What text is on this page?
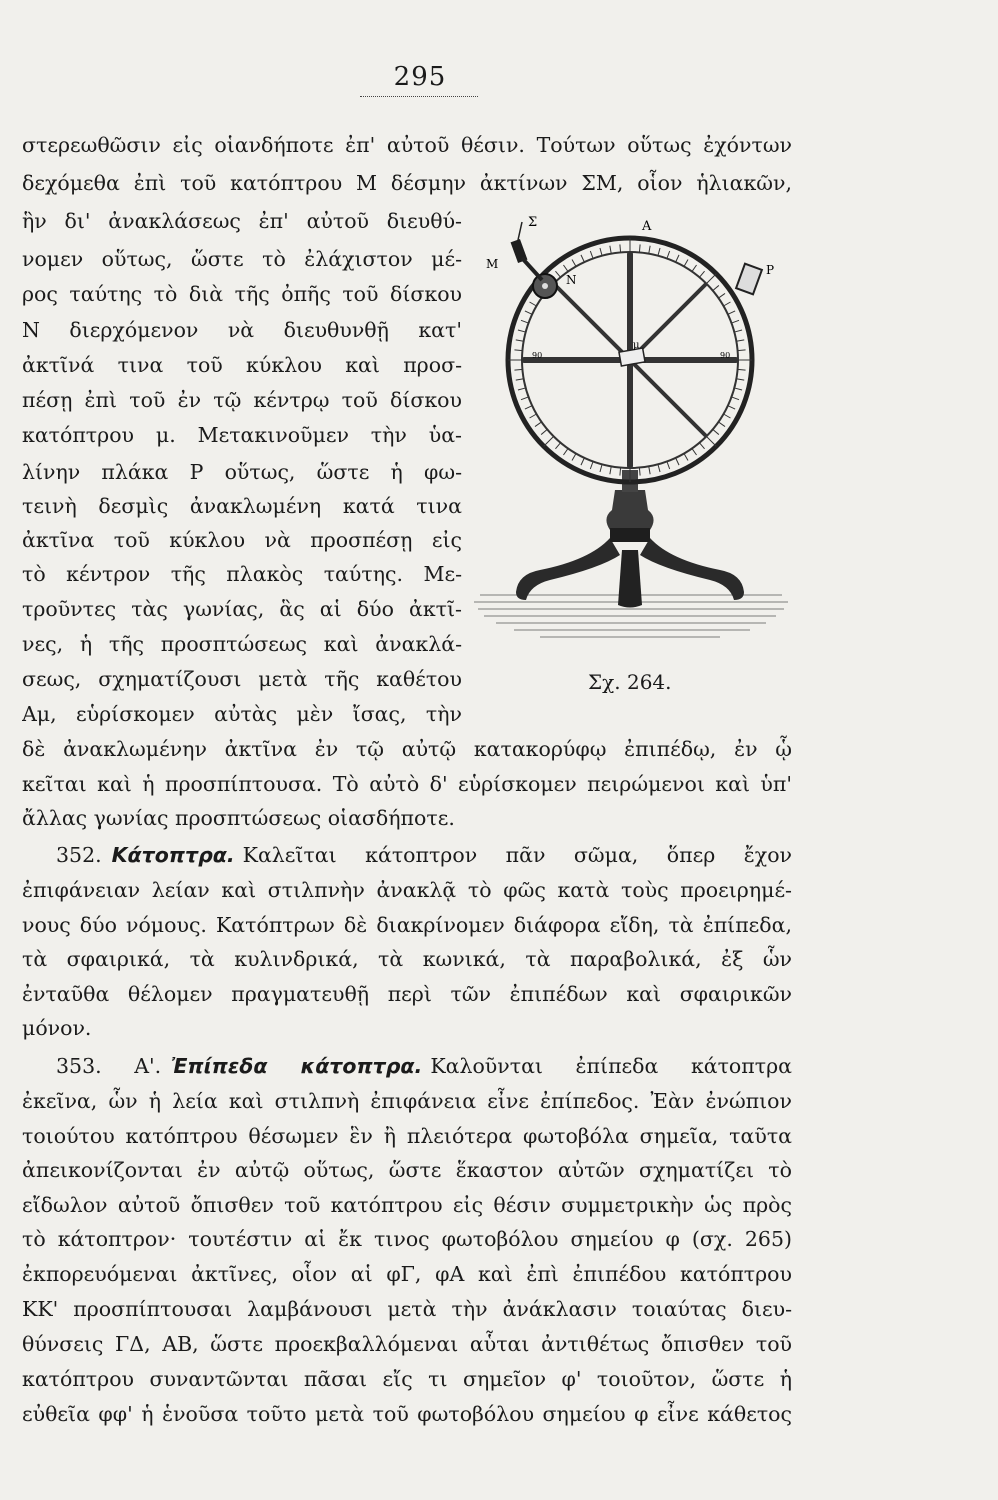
295
στερεωθῶσιν εἰς οἱανδήποτε ἐπ' αὐτοῦ θέσιν. Τούτων οὕτως ἐχόντων
δεχόμεθα ἐπὶ τοῦ κατόπτρου Μ δέσμην ἀκτίνων ΣΜ, οἷον ἡλιακῶν,
ἣν δι' ἀνακλάσεως ἐπ' αὐτοῦ διευθύ-
νομεν οὕτως, ὥστε τὸ ἐλάχιστον μέ-
ρος ταύτης τὸ διὰ τῆς ὀπῆς τοῦ δίσκου
Ν διερχόμενον νὰ διευθυνθῇ κατ'
ἀκτῖνά τινα τοῦ κύκλου καὶ προσ-
πέσῃ ἐπὶ τοῦ ἐν τῷ κέντρῳ τοῦ δίσκου
κατόπτρου μ. Μετακινοῦμεν τὴν ὑα-
λίνην πλάκα Ρ οὕτως, ὥστε ἡ φω-
τεινὴ δεσμὶς ἀνακλωμένη κατά τινα
ἀκτῖνα τοῦ κύκλου νὰ προσπέσῃ εἰς
τὸ κέντρον τῆς πλακὸς ταύτης. Με-
τροῦντες τὰς γωνίας, ἃς αἱ δύο ἀκτῖ-
νες, ἡ τῆς προσπτώσεως καὶ ἀνακλά-
σεως, σχηματίζουσι μετὰ τῆς καθέτου
Αμ, εὑρίσκομεν αὐτὰς μὲν ἴσας, τὴν
δὲ ἀνακλωμένην ἀκτῖνα ἐν τῷ αὐτῷ κατακορύφῳ ἐπιπέδῳ, ἐν ᾧ
κεῖται καὶ ἡ προσπίπτουσα. Τὸ αὐτὸ δ' εὑρίσκομεν πειρώμενοι καὶ ὑπ'
ἄλλας γωνίας προσπτώσεως οἱασδήποτε.
352. Κάτοπτρα. Καλεῖται κάτοπτρον πᾶν σῶμα, ὅπερ ἔχον
ἐπιφάνειαν λείαν καὶ στιλπνὴν ἀνακλᾷ τὸ φῶς κατὰ τοὺς προειρημέ-
νους δύο νόμους. Κατόπτρων δὲ διακρίνομεν διάφορα εἴδη, τὰ ἐπίπεδα,
τὰ σφαιρικά, τὰ κυλινδρικά, τὰ κωνικά, τὰ παραβολικά, ἐξ ὧν
ἐνταῦθα θέλομεν πραγματευθῇ περὶ τῶν ἐπιπέδων καὶ σφαιρικῶν
μόνον.
353. Α'. Ἐπίπεδα κάτοπτρα. Καλοῦνται ἐπίπεδα κάτοπτρα
ἐκεῖνα, ὧν ἡ λεία καὶ στιλπνὴ ἐπιφάνεια εἶνε ἐπίπεδος. Ἐὰν ἐνώπιον
τοιούτου κατόπτρου θέσωμεν ἓν ἢ πλειότερα φωτοβόλα σημεῖα, ταῦτα
ἀπεικονίζονται ἐν αὐτῷ οὕτως, ὥστε ἕκαστον αὐτῶν σχηματίζει τὸ
εἴδωλον αὐτοῦ ὄπισθεν τοῦ κατόπτρου εἰς θέσιν συμμετρικὴν ὡς πρὸς
τὸ κάτοπτρον· τουτέστιν αἱ ἔκ τινος φωτοβόλου σημείου φ (σχ. 265)
ἐκπορευόμεναι ἀκτῖνες, οἷον αἱ φΓ, φΑ καὶ ἐπὶ ἐπιπέδου κατόπτρου
ΚΚ' προσπίπτουσαι λαμβάνουσι μετὰ τὴν ἀνάκλασιν τοιαύτας διευ-
θύνσεις ΓΔ, ΑΒ, ὥστε προεκβαλλόμεναι αὗται ἀντιθέτως ὄπισθεν τοῦ
κατόπτρου συναντῶνται πᾶσαι εἴς τι σημεῖον φ' τοιοῦτον, ὥστε ἡ
εὐθεῖα φφ' ἡ ἑνοῦσα τοῦτο μετὰ τοῦ φωτοβόλου σημείου φ εἶνε κάθετος
μ
Σ	Α
Μ
Ν
Ρ
90	90
Σχ. 264.
